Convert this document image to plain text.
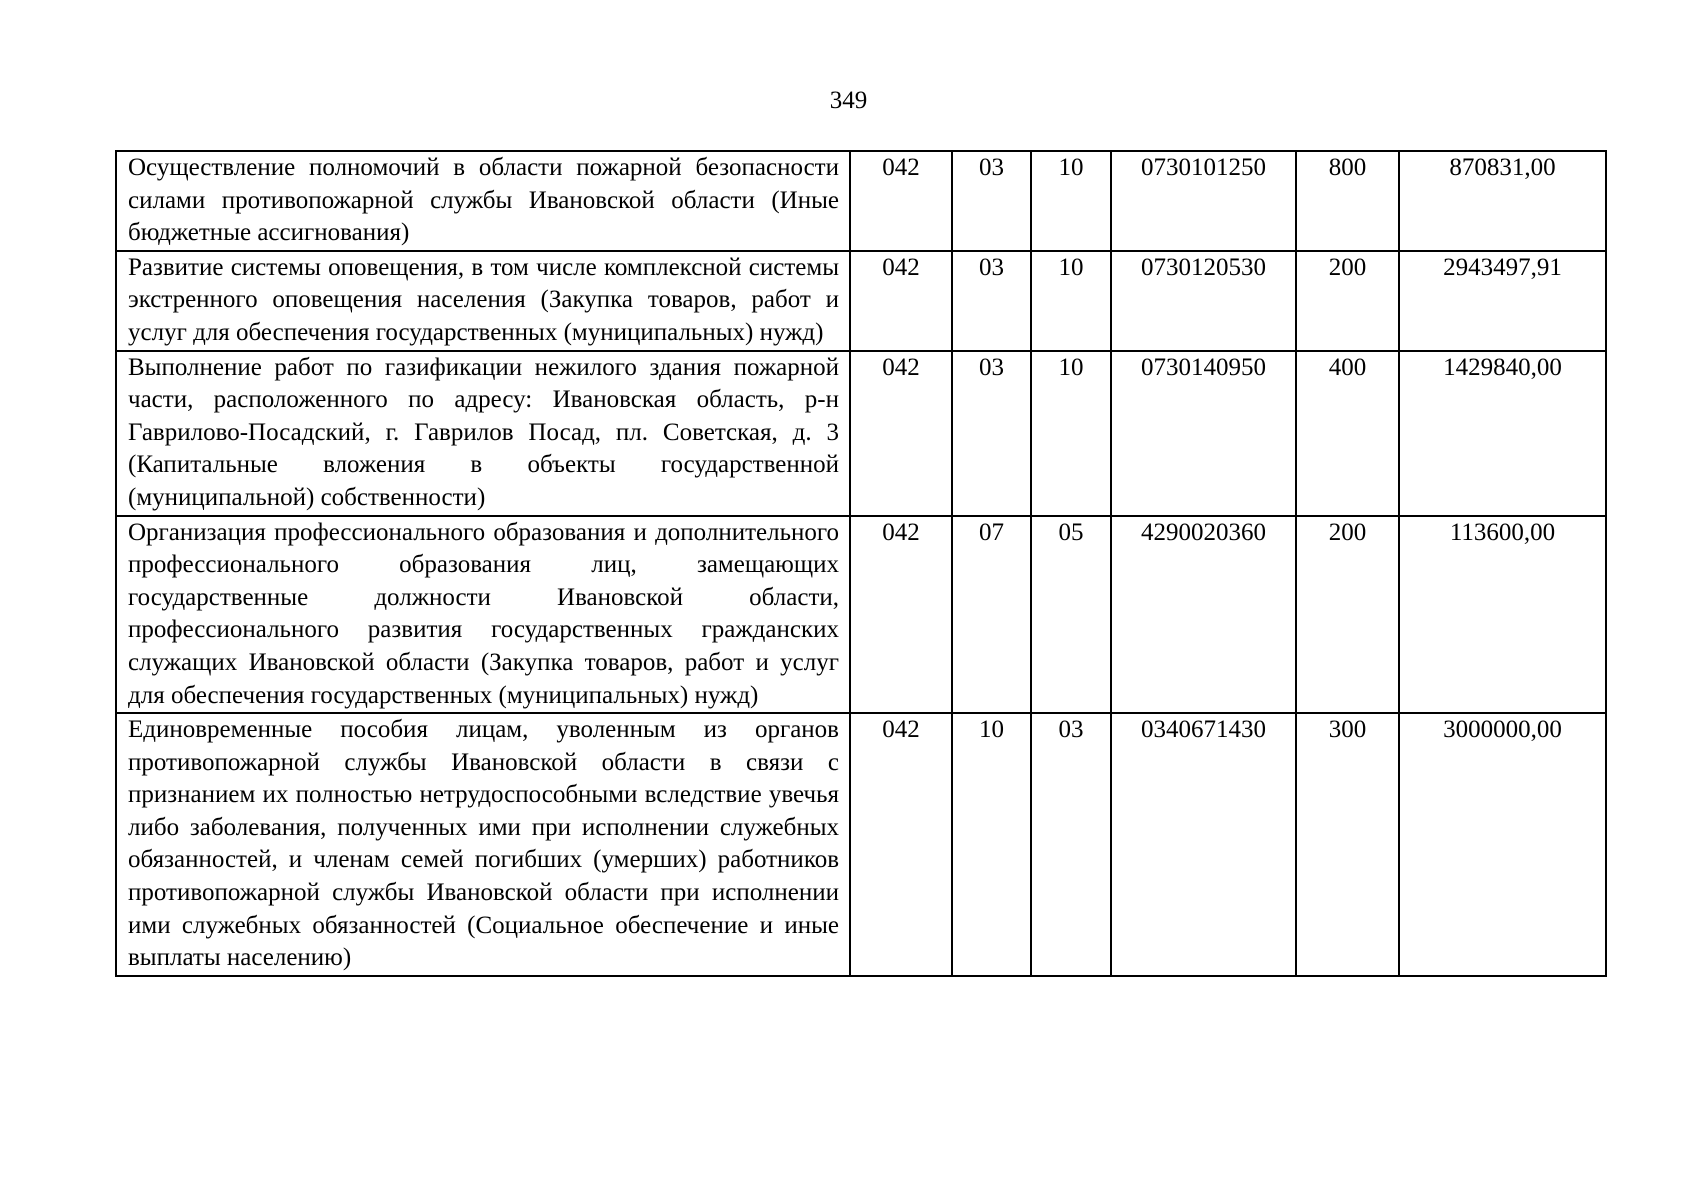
349
Осуществление полномочий в области пожарной безопасности силами противопожарной службы Ивановской области (Иные бюджетные ассигнования)	042	03	10	0730101250	800	870831,00
Развитие системы оповещения, в том числе комплексной системы экстренного оповещения населения (Закупка товаров, работ и услуг для обеспечения государственных (муниципальных) нужд)	042	03	10	0730120530	200	2943497,91
Выполнение работ по газификации нежилого здания пожарной части, расположенного по адресу: Ивановская область, р-н Гаврилово-Посадский, г. Гаврилов Посад, пл. Советская, д. 3 (Капитальные вложения в объекты государственной (муниципальной) собственности)	042	03	10	0730140950	400	1429840,00
Организация профессионального образования и дополнительного профессионального образования лиц, замещающих государственные должности Ивановской области, профессионального развития государственных гражданских служащих Ивановской области (Закупка товаров, работ и услуг для обеспечения государственных (муниципальных) нужд)	042	07	05	4290020360	200	113600,00
Единовременные пособия лицам, уволенным из органов противопожарной службы Ивановской области в связи с признанием их полностью нетрудоспособными вследствие увечья либо заболевания, полученных ими при исполнении служебных обязанностей, и членам семей погибших (умерших) работников противопожарной службы Ивановской области при исполнении ими служебных обязанностей (Социальное обеспечение и иные выплаты населению)	042	10	03	0340671430	300	3000000,00
